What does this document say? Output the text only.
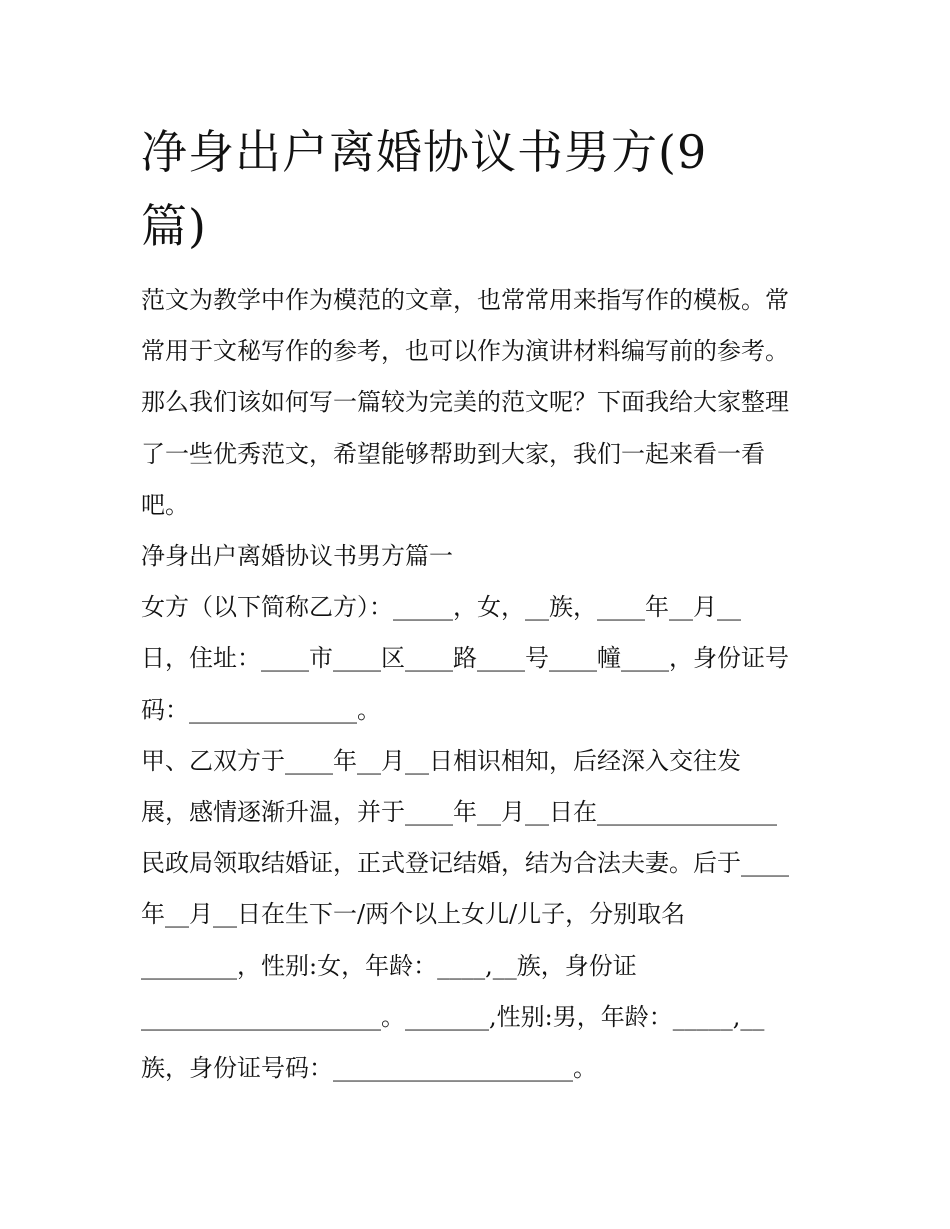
净身出户离婚协议书男方(9
篇)

范文为教学中作为模范的文章，也常常用来指写作的模板。常

常用于文秘写作的参考，也可以作为演讲材料编写前的参考。

那么我们该如何写一篇较为完美的范文呢？下面我给大家整理

了一些优秀范文，希望能够帮助到大家，我们一起来看一看

吧。

净身出户离婚协议书男方篇一

女方（以下简称乙方）：_____，女，__族，____年__月__

日，住址：____市____区____路____号____幢____，身份证号

码：______________。

甲、乙双方于____年__月__日相识相知，后经深入交往发

展，感情逐渐升温，并于____年__月__日在_______________

民政局领取结婚证，正式登记结婚，结为合法夫妻。后于____

年__月__日在生下一/两个以上女儿/儿子，分别取名

________，性别:女，年龄：____,__族，身份证

____________________。_______,性别:男，年龄：_____,__

族，身份证号码：____________________。
